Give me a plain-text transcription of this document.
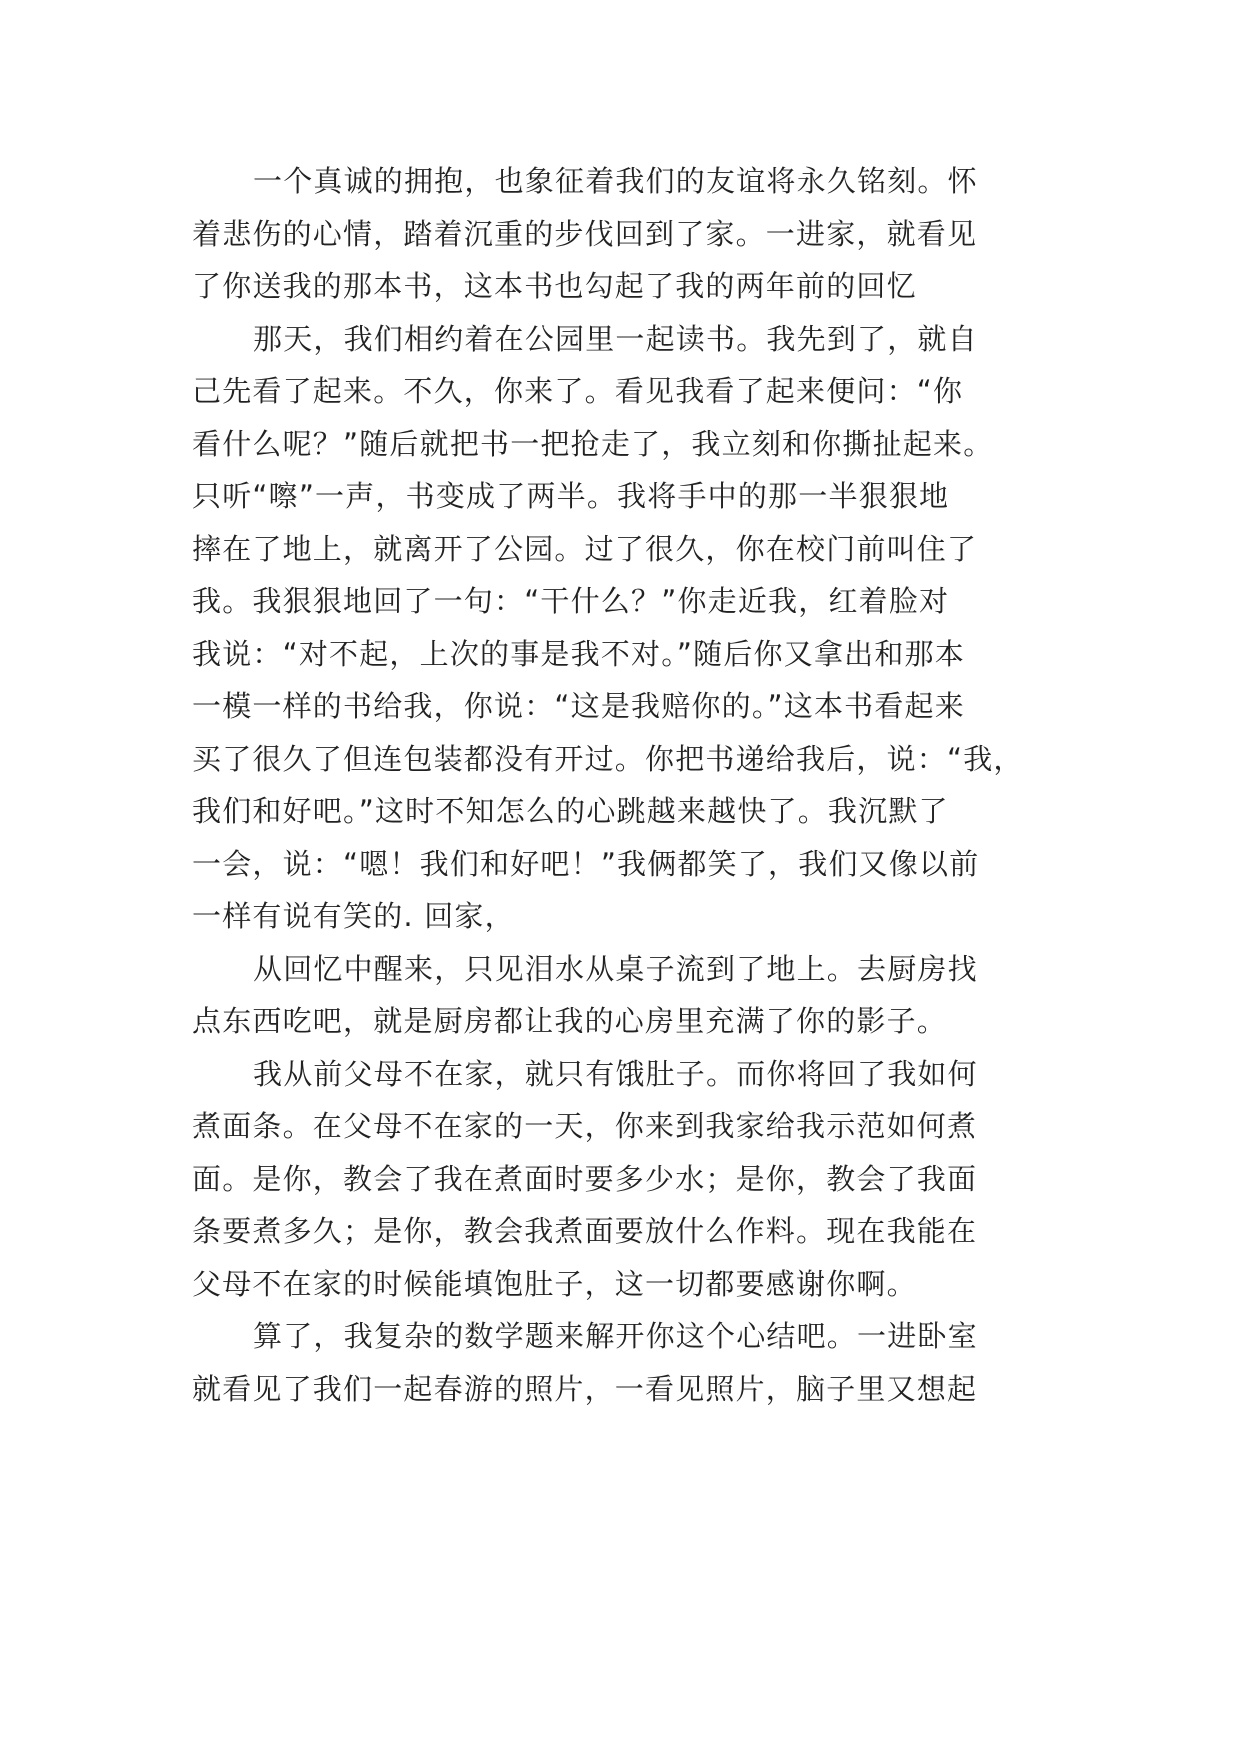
一个真诚的拥抱，也象征着我们的友谊将永久铭刻。怀
着悲伤的心情，踏着沉重的步伐回到了家。一进家，就看见
了你送我的那本书，这本书也勾起了我的两年前的回忆
那天，我们相约着在公园里一起读书。我先到了，就自
己先看了起来。不久，你来了。看见我看了起来便问：“你
看什么呢？”随后就把书一把抢走了，我立刻和你撕扯起来。
只听“嚓”一声，书变成了两半。我将手中的那一半狠狠地
摔在了地上，就离开了公园。过了很久，你在校门前叫住了
我。我狠狠地回了一句：“干什么？”你走近我，红着脸对
我说：“对不起，上次的事是我不对。”随后你又拿出和那本
一模一样的书给我，你说：“这是我赔你的。”这本书看起来
买了很久了但连包装都没有开过。你把书递给我后，说：“我，
我们和好吧。”这时不知怎么的心跳越来越快了。我沉默了
一会，说：“嗯！我们和好吧！”我俩都笑了，我们又像以前
一样有说有笑的. 回家，
从回忆中醒来，只见泪水从桌子流到了地上。去厨房找
点东西吃吧，就是厨房都让我的心房里充满了你的影子。
我从前父母不在家，就只有饿肚子。而你将回了我如何
煮面条。在父母不在家的一天，你来到我家给我示范如何煮
面。是你，教会了我在煮面时要多少水；是你，教会了我面
条要煮多久；是你，教会我煮面要放什么作料。现在我能在
父母不在家的时候能填饱肚子，这一切都要感谢你啊。
算了，我复杂的数学题来解开你这个心结吧。一进卧室
就看见了我们一起春游的照片，一看见照片，脑子里又想起
